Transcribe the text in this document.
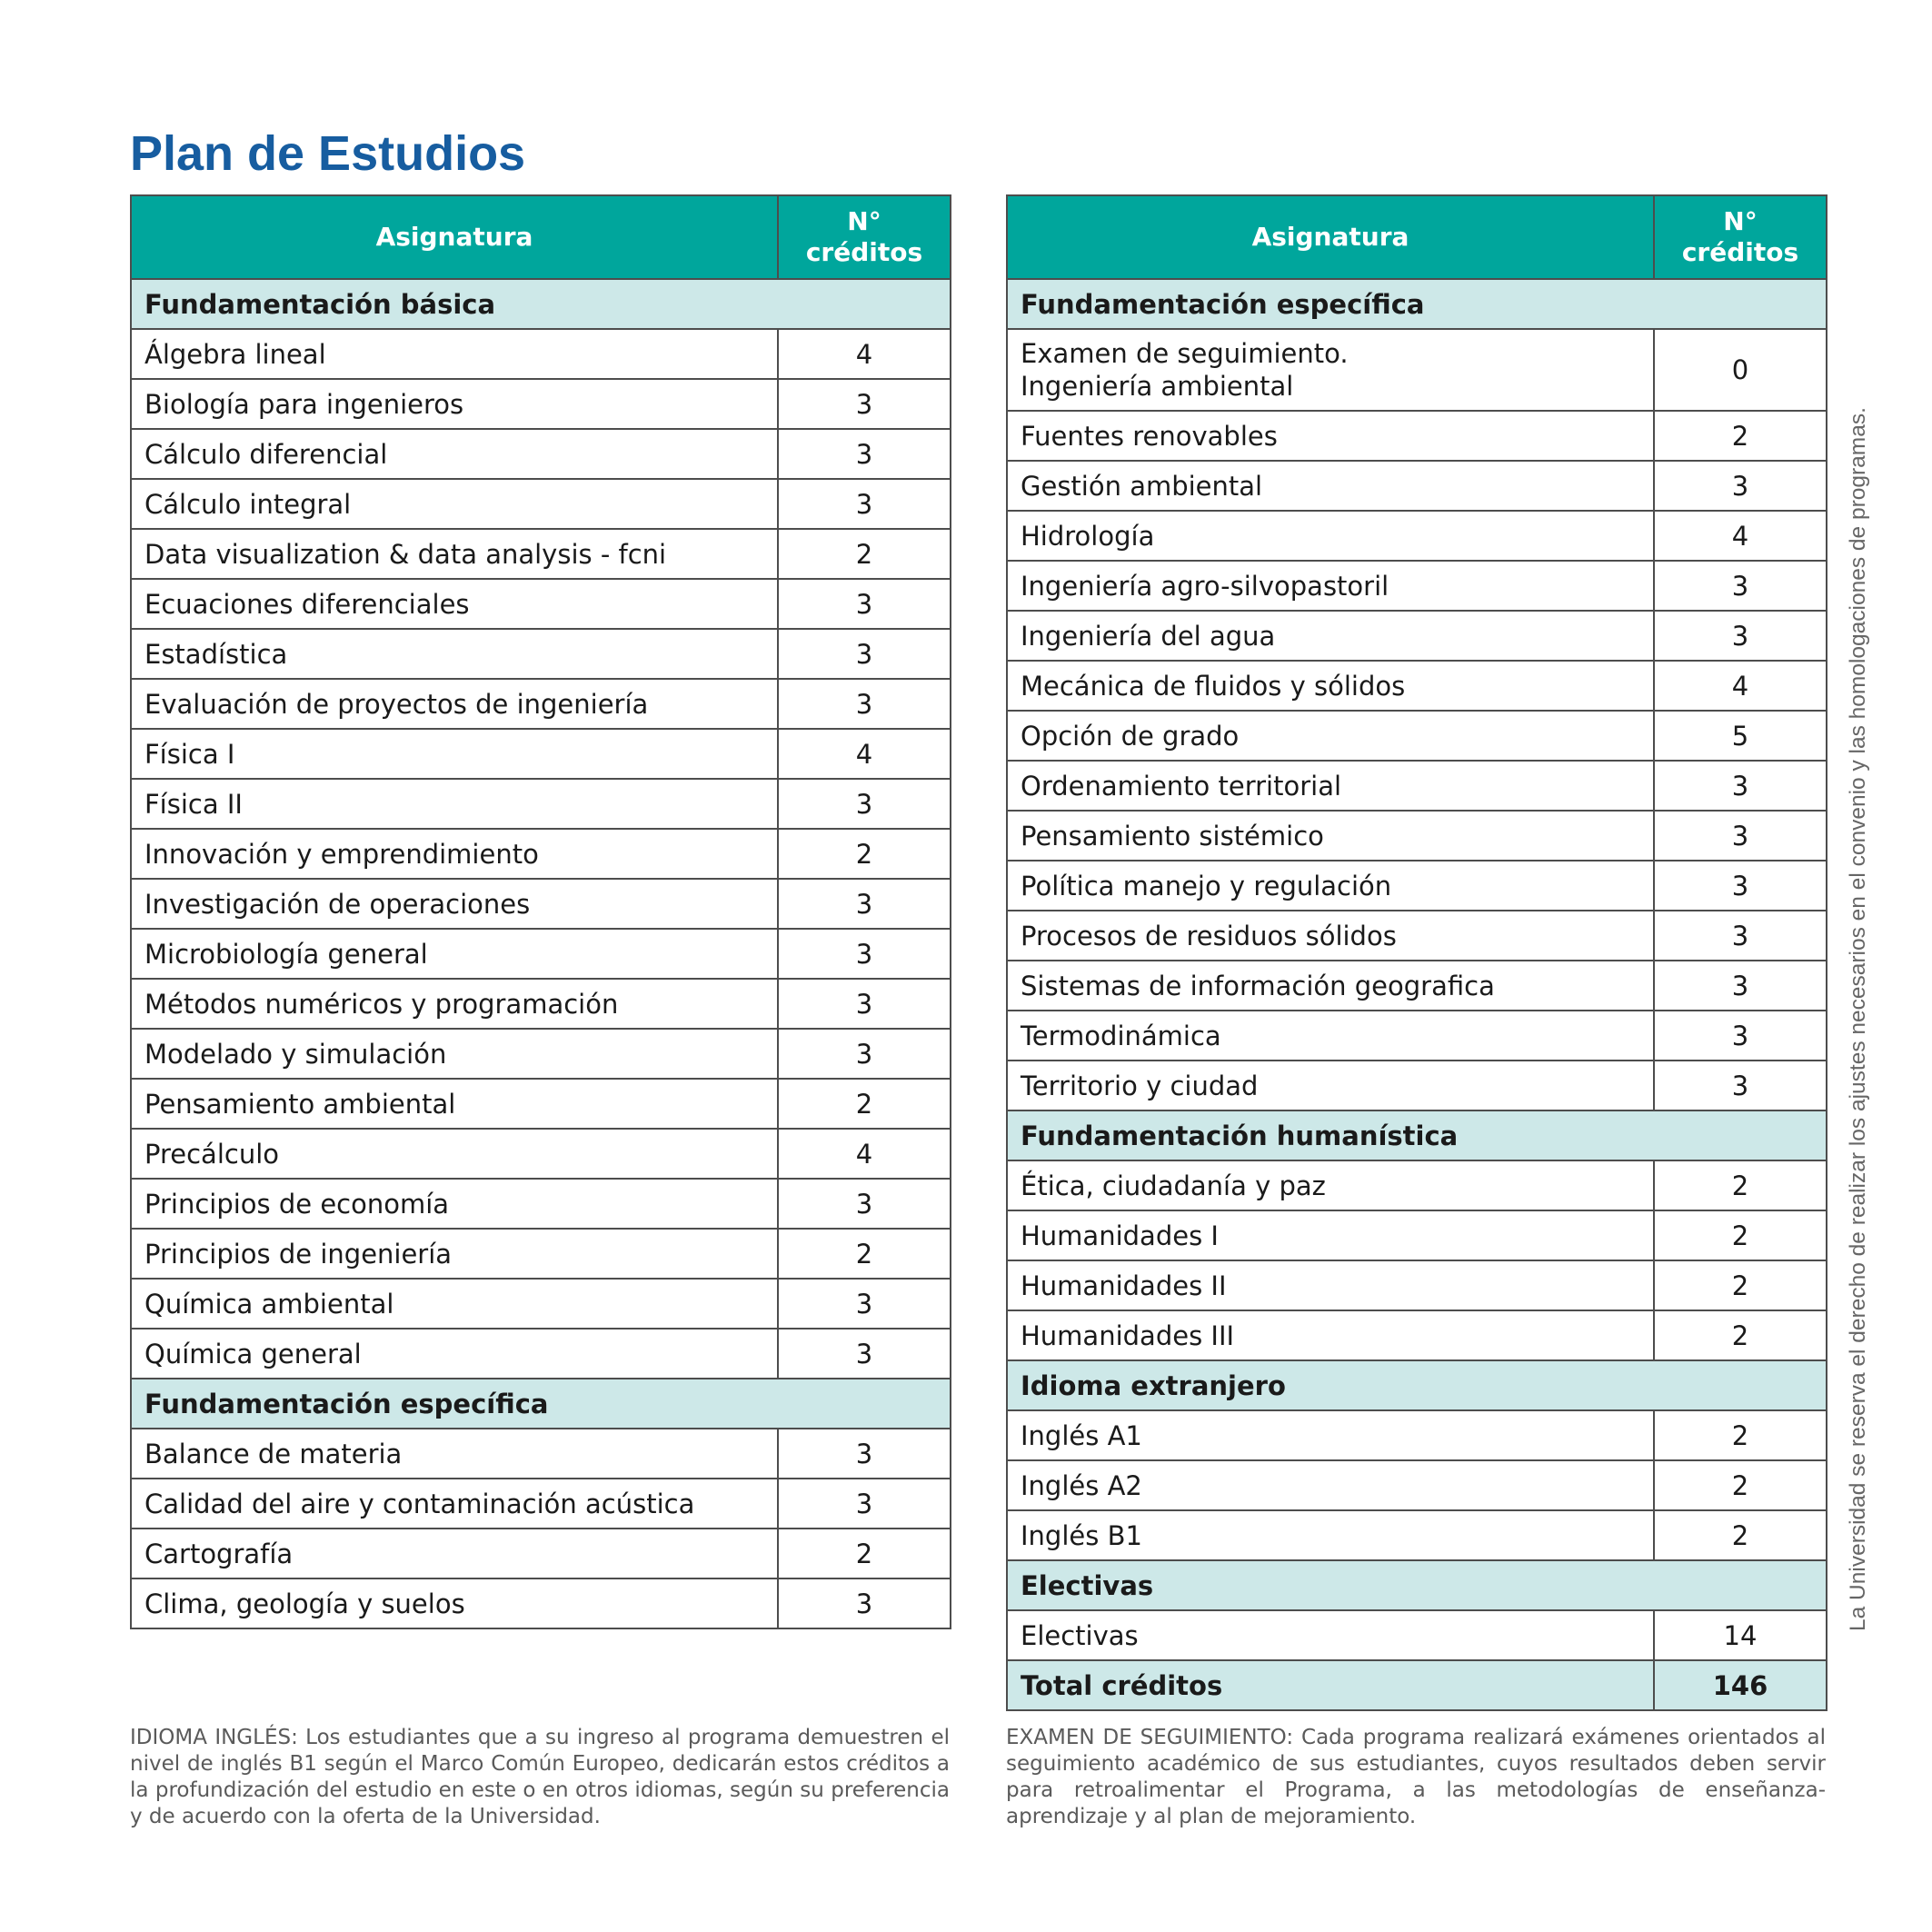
Plan de Estudios
Asignatura	N°
créditos

Fundamentación básica	
Álgebra lineal	4
Biología para ingenieros	3
Cálculo diferencial	3
Cálculo integral	3
Data visualization & data analysis - fcni	2
Ecuaciones diferenciales	3
Estadística	3
Evaluación de proyectos de ingeniería	3
Física I	4
Física II	3
Innovación y emprendimiento	2
Investigación de operaciones	3
Microbiología general	3
Métodos numéricos y programación	3
Modelado y simulación	3
Pensamiento ambiental	2
Precálculo	4
Principios de economía	3
Principios de ingeniería	2
Química ambiental	3
Química general	3
Fundamentación específica	
Balance de materia	3
Calidad del aire y contaminación acústica	3
Cartografía	2
Clima, geología y suelos	3
Asignatura	N°
créditos

Fundamentación específica	

Examen de seguimiento.
Ingeniería ambiental	0
Fuentes renovables	2
Gestión ambiental	3
Hidrología	4
Ingeniería agro-silvopastoril	3
Ingeniería del agua	3
Mecánica de fluidos y sólidos	4
Opción de grado	5
Ordenamiento territorial	3
Pensamiento sistémico	3
Política manejo y regulación	3
Procesos de residuos sólidos	3
Sistemas de información geografica	3
Termodinámica	3
Territorio y ciudad	3
Fundamentación humanística	
Ética, ciudadanía y paz	2
Humanidades I	2
Humanidades II	2
Humanidades III	2
Idioma extranjero	
Inglés A1	2
Inglés A2	2
Inglés B1	2
Electivas	
Electivas	14
Total créditos	146

IDIOMA INGLÉS: Los estudiantes que a su ingreso al programa demuestren el nivel de inglés B1 según el Marco Común Europeo, dedicarán estos créditos a la profundización del estudio en este o en otros idiomas, según su preferencia y de acuerdo con la oferta de la Universidad.

EXAMEN DE SEGUIMIENTO: Cada programa realizará exámenes orientados al seguimiento académico de sus estudiantes, cuyos resultados deben servir para retroalimentar el Programa, a las metodologías de enseñanza-aprendizaje y al plan de mejoramiento.

La Universidad se reserva el derecho de realizar los ajustes necesarios en el convenio y las homologaciones de programas.
